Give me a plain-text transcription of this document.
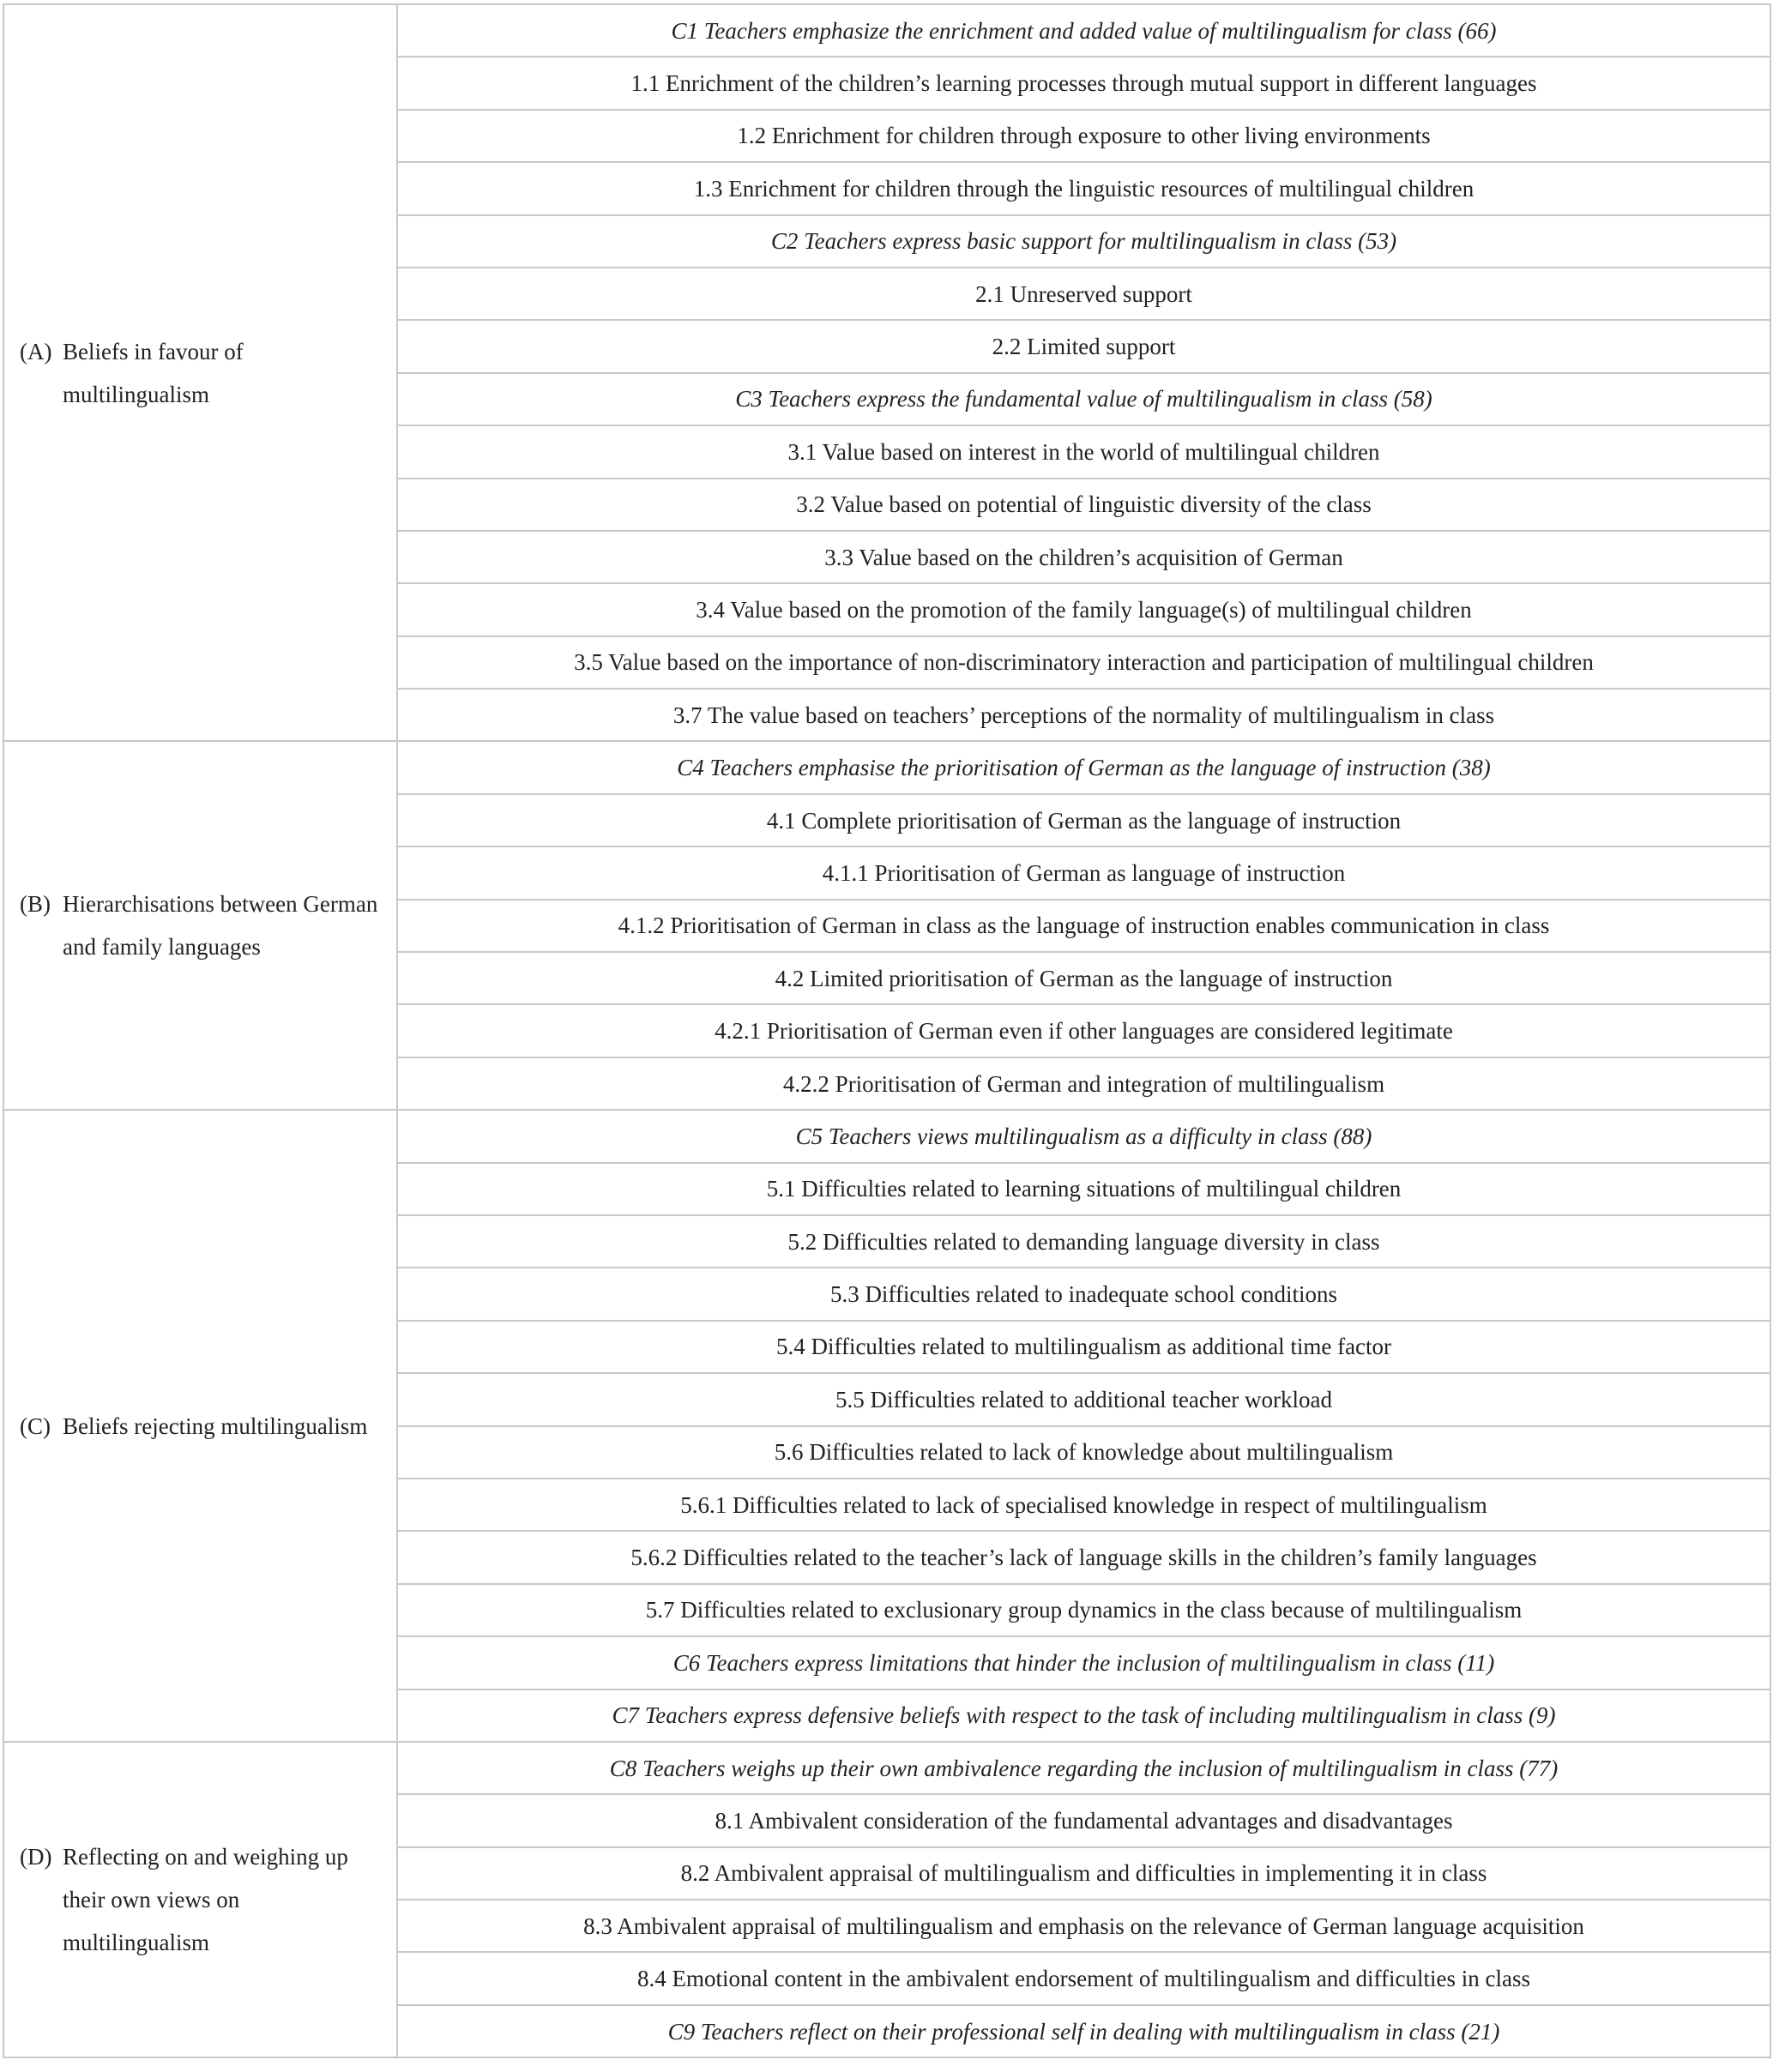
(A) Beliefs in favour of multilingualism	C1 Teachers emphasize the enrichment and added value of multilingualism for class (66)
	1.1 Enrichment of the children’s learning processes through mutual support in different languages
	1.2 Enrichment for children through exposure to other living environments
	1.3 Enrichment for children through the linguistic resources of multilingual children
	C2 Teachers express basic support for multilingualism in class (53)
	2.1 Unreserved support
	2.2 Limited support
	C3 Teachers express the fundamental value of multilingualism in class (58)
	3.1 Value based on interest in the world of multilingual children
	3.2 Value based on potential of linguistic diversity of the class
	3.3 Value based on the children’s acquisition of German
	3.4 Value based on the promotion of the family language(s) of multilingual children
	3.5 Value based on the importance of non-discriminatory interaction and participation of multilingual children
	3.7 The value based on teachers’ perceptions of the normality of multilingualism in class

(B) Hierarchisations between German and family languages	C4 Teachers emphasise the prioritisation of German as the language of instruction (38)
	4.1 Complete prioritisation of German as the language of instruction
	4.1.1 Prioritisation of German as language of instruction
	4.1.2 Prioritisation of German in class as the language of instruction enables communication in class
	4.2 Limited prioritisation of German as the language of instruction
	4.2.1 Prioritisation of German even if other languages are considered legitimate
	4.2.2 Prioritisation of German and integration of multilingualism

(C) Beliefs rejecting multilingualism	C5 Teachers views multilingualism as a difficulty in class (88)
	5.1 Difficulties related to learning situations of multilingual children
	5.2 Difficulties related to demanding language diversity in class
	5.3 Difficulties related to inadequate school conditions
	5.4 Difficulties related to multilingualism as additional time factor
	5.5 Difficulties related to additional teacher workload
	5.6 Difficulties related to lack of knowledge about multilingualism
	5.6.1 Difficulties related to lack of specialised knowledge in respect of multilingualism
	5.6.2 Difficulties related to the teacher’s lack of language skills in the children’s family languages
	5.7 Difficulties related to exclusionary group dynamics in the class because of multilingualism
	C6 Teachers express limitations that hinder the inclusion of multilingualism in class (11)
	C7 Teachers express defensive beliefs with respect to the task of including multilingualism in class (9)

(D) Reflecting on and weighing up their own views on multilingualism	C8 Teachers weighs up their own ambivalence regarding the inclusion of multilingualism in class (77)
	8.1 Ambivalent consideration of the fundamental advantages and disadvantages
	8.2 Ambivalent appraisal of multilingualism and difficulties in implementing it in class
	8.3 Ambivalent appraisal of multilingualism and emphasis on the relevance of German language acquisition
	8.4 Emotional content in the ambivalent endorsement of multilingualism and difficulties in class
	C9 Teachers reflect on their professional self in dealing with multilingualism in class (21)
